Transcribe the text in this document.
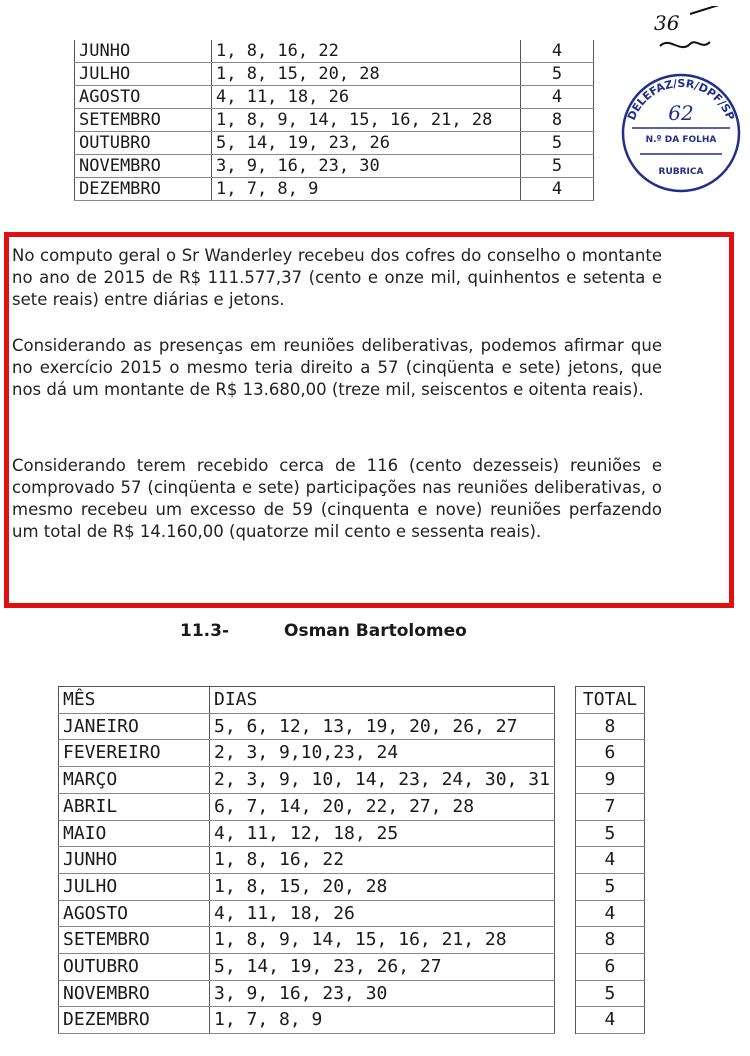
JUNHO	1, 8, 16, 22	4
JULHO	1, 8, 15, 20, 28	5
AGOSTO	4, 11, 18, 26	4
SETEMBRO	1, 8, 9, 14, 15, 16, 21, 28	8
OUTUBRO	5, 14, 19, 23, 26	5
NOVEMBRO	3, 9, 16, 23, 30	5
DEZEMBRO	1, 7, 8, 9	4
36
DELEFAZ/SR/DPF/SP
62
N.º DA FOLHA
RUBRICA
No computo geral o Sr Wanderley recebeu dos cofres do conselho o montante no ano de 2015 de R$ 111.577,37 (cento e onze mil, quinhentos e setenta e sete reais) entre diárias e jetons.
Considerando as presenças em reuniões deliberativas, podemos afirmar que no exercício 2015 o mesmo teria direito a 57 (cinqüenta e sete) jetons, que nos dá um montante de R$ 13.680,00 (treze mil, seiscentos e oitenta reais).
Considerando terem recebido cerca de 116 (cento dezesseis) reuniões e comprovado 57 (cinqüenta e sete) participações nas reuniões deliberativas, o mesmo recebeu um excesso de 59 (cinquenta e nove) reuniões perfazendo um total de R$ 14.160,00 (quatorze mil cento e sessenta reais).
11.3-	Osman Bartolomeo
MÊS	DIAS		TOTAL
JANEIRO	5, 6, 12, 13, 19, 20, 26, 27		8
FEVEREIRO	2, 3, 9,10,23, 24		6
MARÇO	2, 3, 9, 10, 14, 23, 24, 30, 31		9
ABRIL	6, 7, 14, 20, 22, 27, 28		7
MAIO	4, 11, 12, 18, 25		5
JUNHO	1, 8, 16, 22		4
JULHO	1, 8, 15, 20, 28		5
AGOSTO	4, 11, 18, 26		4
SETEMBRO	1, 8, 9, 14, 15, 16, 21, 28		8
OUTUBRO	5, 14, 19, 23, 26, 27		6
NOVEMBRO	3, 9, 16, 23, 30		5
DEZEMBRO	1, 7, 8, 9		4
